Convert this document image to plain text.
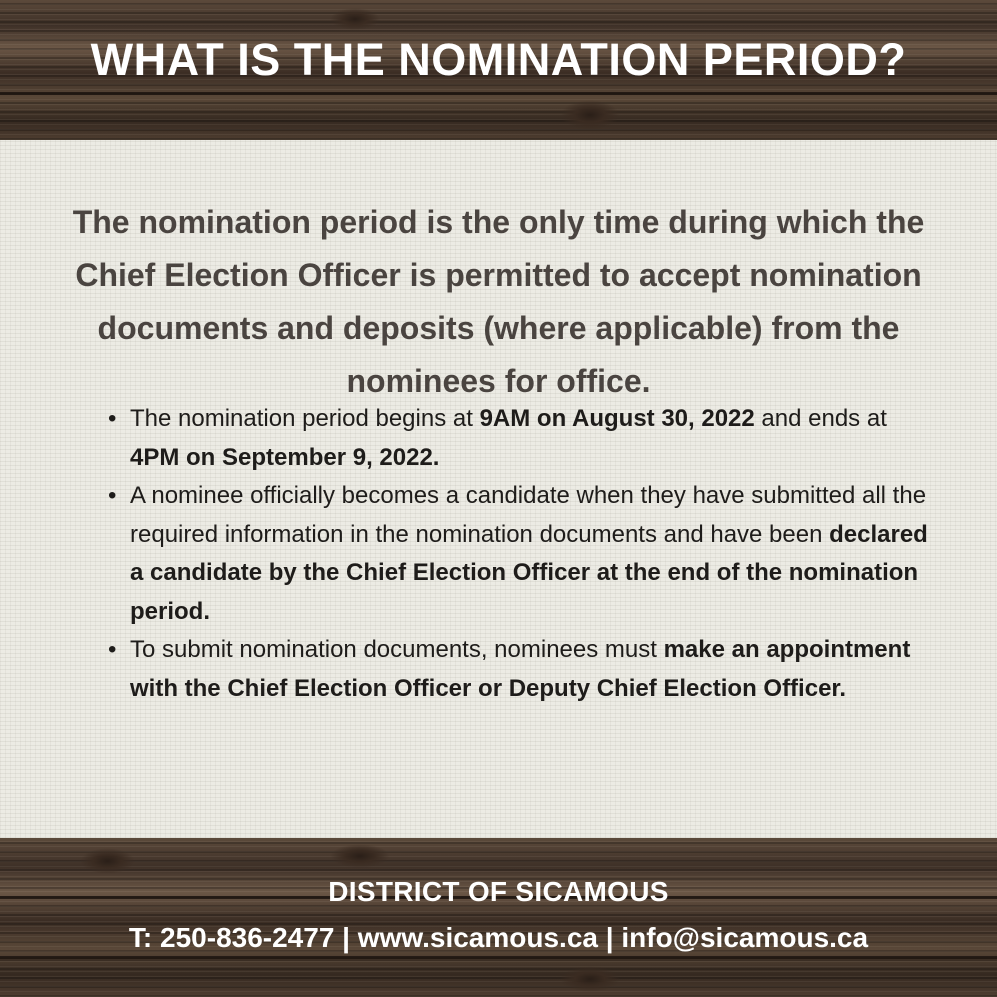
WHAT IS THE NOMINATION PERIOD?

The nomination period is the only time during which the Chief Election Officer is permitted to accept nomination documents and deposits (where applicable) from the nominees for office.

• The nomination period begins at 9AM on August 30, 2022 and ends at 4PM on September 9, 2022.
• A nominee officially becomes a candidate when they have submitted all the required information in the nomination documents and have been declared a candidate by the Chief Election Officer at the end of the nomination period.
• To submit nomination documents, nominees must make an appointment with the Chief Election Officer or Deputy Chief Election Officer.
DISTRICT OF SICAMOUS
T: 250-836-2477 | www.sicamous.ca | info@sicamous.ca
